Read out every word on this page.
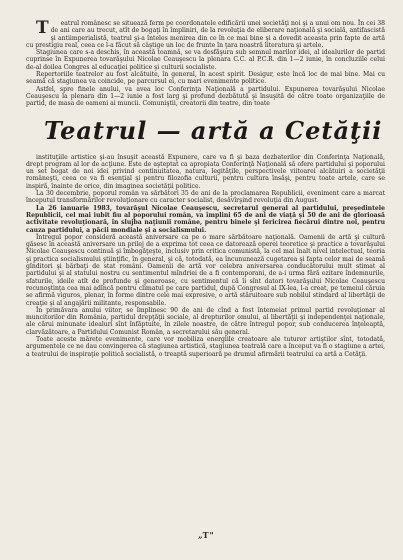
T eatrul românesc se situează ferm pe coordonatele edificării unei societăţi noi şi a unui om nou. În cei 38 de ani care au trecut, atît de bogaţi în împliniri, de la revoluţia de eliberare naţională şi socială, antifascistă şi antiimperialistă, teatrul şi-a înteles menirea din ce în ce mai bine şi a dovedit aceasta prin fapte de artă cu prestigiu real, ceea ce l-a făcut să câştige un loc de frunte în ţara noastră literatura şi artele.

Stagiunea care s-a deschis, în această toamnă, se va desfăşura sub semnul marilor idei, al idealurilor de partid cuprinse în Expunerea tovarăşului Nicolae Ceauşescu la plenara C.C. al P.C.R. din 1—2 iunie, în concluziile celui de-al doilea Congres al educaţiei politice şi culturii socialiste.

Repertoriile teatrelor au fost alcătuite, în general, în acest spirit. Desigur, este încă loc de mai bine. Mai cu seamă că stagiunea va coincide, pe parcursul ei, cu mari evenimente politice.

Astfel, spre finele anului, va avea loc Conferinţa Naţională a partidului. Expunerea tovarăşului Nicolae Ceauşescu la plenara din 1—2 iunie a fost larg şi profund dezbătută şi însuşită de către toate organizaţiile de partid, de masa de oameni ai muncii. Comuniştii, creatorii din teatre, din toate

Teatrul — artă a Cetăţii

instituţiile artistice şi-au însuşit această Expunere, care va fi şi baza dezbaterilor din Conferinţa Naţională, drept program al lor de acţiune. Este de aşteptat ca apropiata Conferinţă Naţională să ofere partidului şi poporului un set bogat de noi idei privind continuitatea, natura, legităţile, perspectivele viitoarei alcătuiri a societăţii româneşti, ceea ce va fi esenţial şi pentru filozofia culturii, pentru cultura însăşi, pentru toate artele, care se inspiră, înainte de orice, din imaginea societăţii politice.

La 30 decembrie, poporul român va sărbători 35 de ani de la proclamarea Republicii, eveniment care a marcat începutul transformărilor revoluţionare cu caracter socialist, desăvîrşind revoluţia din August.

La 26 ianuarie 1983, tovarăşul Nicolae Ceauşescu, secretarul general al partidului, preşedintele Republicii, cel mai iubit fiu al poporului român, va împlini 65 de ani de viaţă şi 50 de ani de glorioasă activitate revoluţionară, în slujba naţiunii române, pentru binele şi fericirea fiecărui dintre noi, pentru cauza partidului, a păcii mondiale şi a socialismului.

Întregul popor consideră această aniversare ca pe o mare sărbătoare naţională. Oamenii de artă şi cultură găsesc în această aniversare un prilej de a exprima tot ceea ce datorează operei teoretice şi practice a tovarăşului Nicolae Ceauşescu continuă şi îmbogăţeşte, inclusiv prin critica comunistă, la cel mai înalt nivel intelectual, teoria şi practica socialismului ştiinţific, în general, şi că, totodată, ea încununează cugetarea şi fapta celor mai de seamă gînditori şi bărbaţi de stat români. Oamenii de artă vor celebra aniversarea conducătorului mult stimat al partidului şi al statului nostru cu sentimentul mîndriei de a fi contemporani, de a-i urma fără ezitare îndemnurile, sfaturile, ideile atît de profunde şi generoase, cu sentimentul că îi sînt datori tovarăşului Nicolae Ceauşescu recunoştinţa cea mai adîncă pentru climatul pe care partidul, după Congresul al IX-lea, l-a creat, pe temeiul căruia se afirmă viguros, plenar, în forme dintre cele mai expresive, o artă stăruitoare sub nobilul stindard al libertăţii de creaţie şi al angajării militante, responsabile.

În primăvara anului viitor, se împlinesc 90 de ani de cînd a fost întemeiat primul partid revoluţionar al muncitorilor din România, partidul drepţăţii sociale, al drepturilor omului, al libertăţii şi independenţei naţionale, ale cărui minunate idealuri sînt înfăptuite, în zilele noastre, de către întregul popor, sub conducerea înţeleaptă, clarvăzătoare, a Partidului Comunist Român, a secretarului său general.

Toate aceste mărețe evenimente, care vor mobiliza energiile creatoare ale tuturor artiştilor sînt, totodată, argumentele ce ne dau convingerea că stagiunea artistică, stagiunea teatrală care a început va fi o stagiune a artei, a teatrului de inspiraţie politică socialistă, o treaptă superioară pe drumul afirmării teatrului ca artă a Cetăţii.

„T"
